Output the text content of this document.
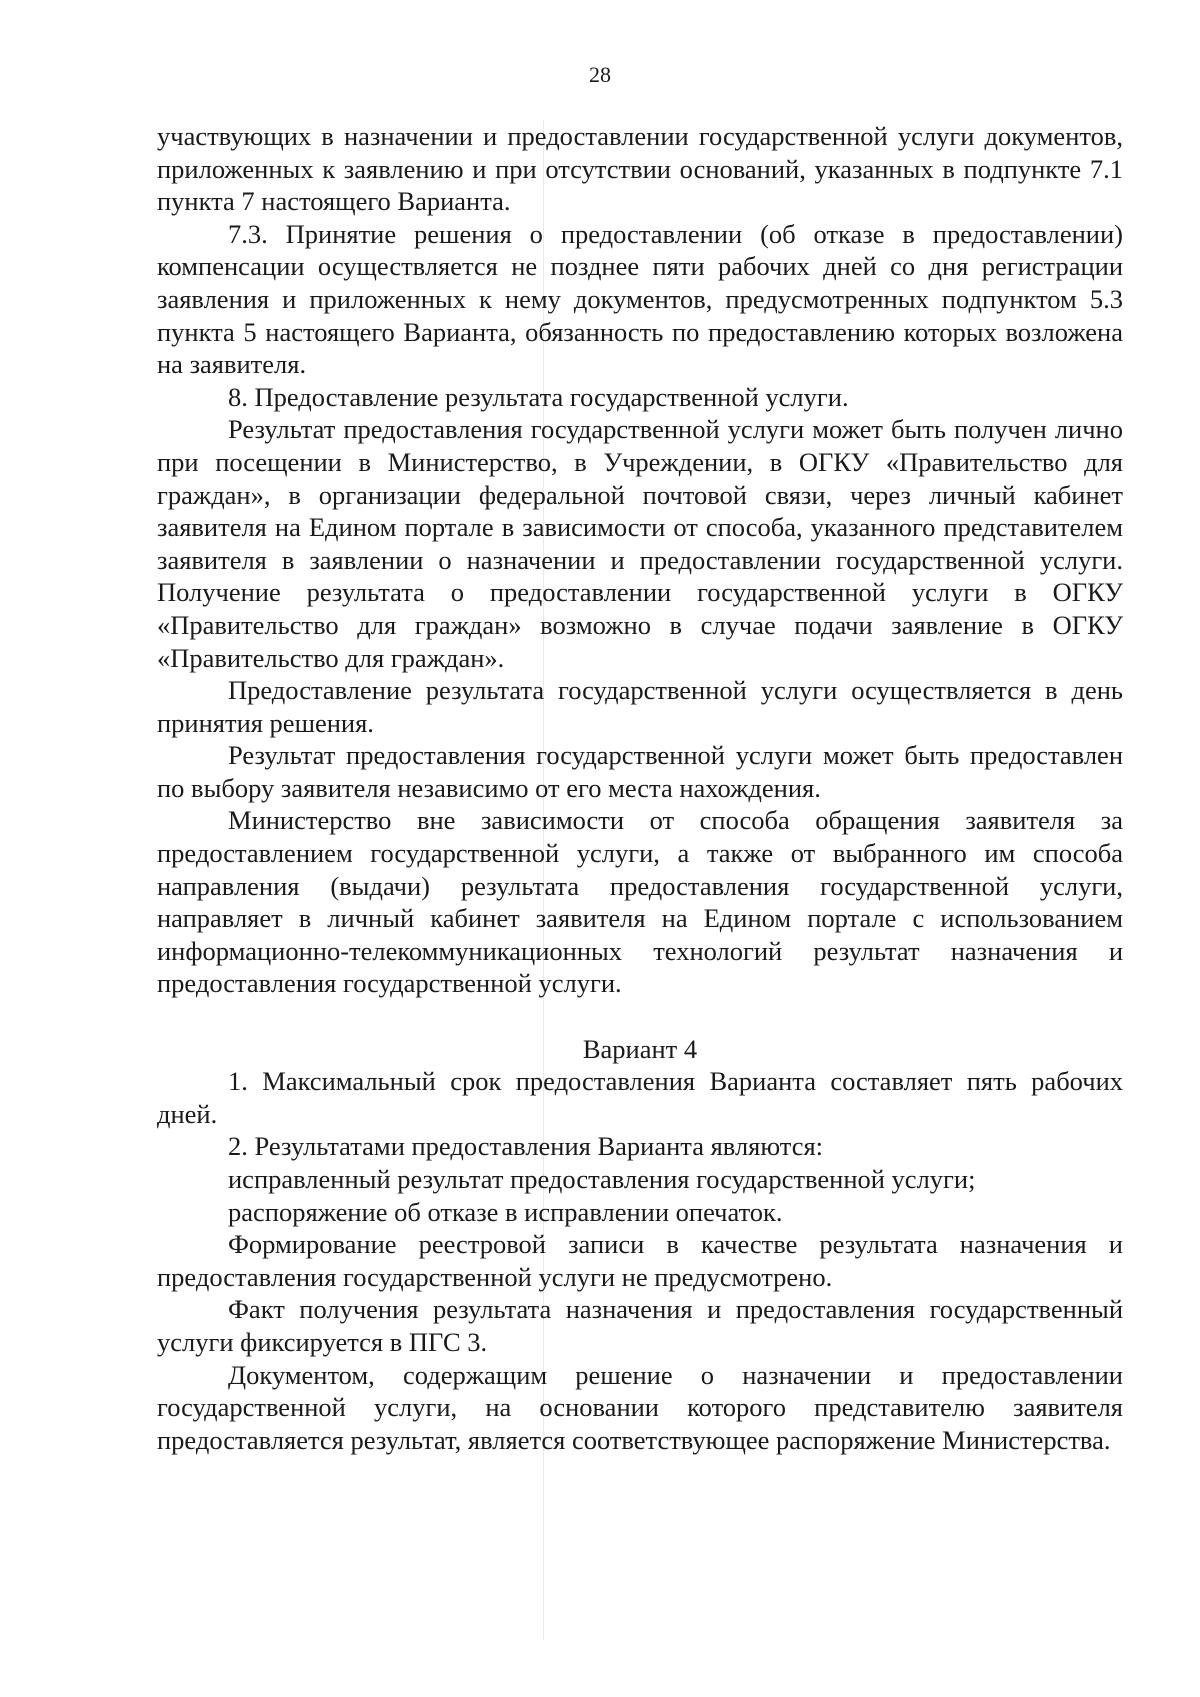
28

участвующих в назначении и предоставлении государственной услуги документов, приложенных к заявлению и при отсутствии оснований, указанных в подпункте 7.1 пункта 7 настоящего Варианта.

7.3. Принятие решения о предоставлении (об отказе в предоставлении) компенсации осуществляется не позднее пяти рабочих дней со дня регистрации заявления и приложенных к нему документов, предусмотренных подпунктом 5.3 пункта 5 настоящего Варианта, обязанность по предоставлению которых возложена на заявителя.

8. Предоставление результата государственной услуги.

Результат предоставления государственной услуги может быть получен лично при посещении в Министерство, в Учреждении, в ОГКУ «Правительство для граждан», в организации федеральной почтовой связи, через личный кабинет заявителя на Едином портале в зависимости от способа, указанного представителем заявителя в заявлении о назначении и предоставлении государственной услуги. Получение результата о предоставлении государственной услуги в ОГКУ «Правительство для граждан» возможно в случае подачи заявление в ОГКУ «Правительство для граждан».

Предоставление результата государственной услуги осуществляется в день принятия решения.

Результат предоставления государственной услуги может быть предоставлен по выбору заявителя независимо от его места нахождения.

Министерство вне зависимости от способа обращения заявителя за предоставлением государственной услуги, а также от выбранного им способа направления (выдачи) результата предоставления государственной услуги, направляет в личный кабинет заявителя на Едином портале с использованием информационно-телекоммуникационных технологий результат назначения и предоставления государственной услуги.

Вариант 4

1. Максимальный срок предоставления Варианта составляет пять рабочих дней.

2. Результатами предоставления Варианта являются:

исправленный результат предоставления государственной услуги;

распоряжение об отказе в исправлении опечаток.

Формирование реестровой записи в качестве результата назначения и предоставления государственной услуги не предусмотрено.

Факт получения результата назначения и предоставления государственный услуги фиксируется в ПГС 3.

Документом, содержащим решение о назначении и предоставлении государственной услуги, на основании которого представителю заявителя предоставляется результат, является соответствующее распоряжение Министерства.
